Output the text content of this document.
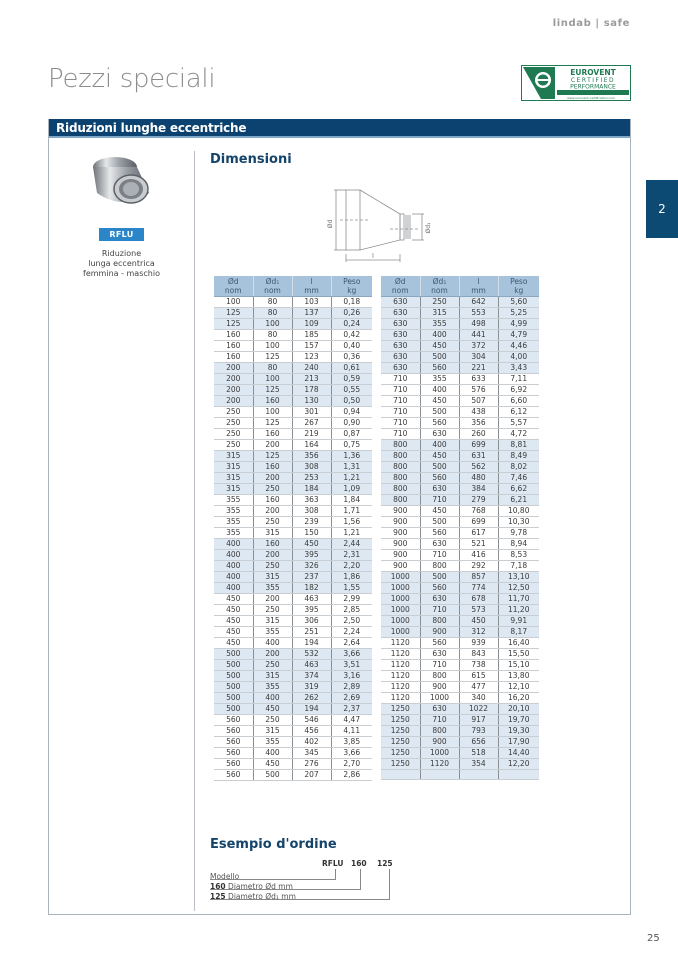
lindab | safe
Pezzi speciali	EUROVENT
CERTIFIED
PERFORMANCE
www.eurovent-certification.com
2
Riduzioni lunghe eccentriche
RFLU
Riduzione
lunga eccentrica
femmina - maschio
Dimensioni
Ød	Ød₁
l
Ød	Ød₁	l	Peso
nom	nom	mm	kg
100	80	103	0,18
125	80	137	0,26
125	100	109	0,24
160	80	185	0,42
160	100	157	0,40
160	125	123	0,36
200	80	240	0,61
200	100	213	0,59
200	125	178	0,55
200	160	130	0,50
250	100	301	0,94
250	125	267	0,90
250	160	219	0,87
250	200	164	0,75
315	125	356	1,36
315	160	308	1,31
315	200	253	1,21
315	250	184	1,09
355	160	363	1,84
355	200	308	1,71
355	250	239	1,56
355	315	150	1,21
400	160	450	2,44
400	200	395	2,31
400	250	326	2,20
400	315	237	1,86
400	355	182	1,55
450	200	463	2,99
450	250	395	2,85
450	315	306	2,50
450	355	251	2,24
450	400	194	2,64
500	200	532	3,66
500	250	463	3,51
500	315	374	3,16
500	355	319	2,89
500	400	262	2,69
500	450	194	2,37
560	250	546	4,47
560	315	456	4,11
560	355	402	3,85
560	400	345	3,66
560	450	276	2,70
560	500	207	2,86
Ød	Ød₁	l	Peso
nom	nom	mm	kg
630	250	642	5,60
630	315	553	5,25
630	355	498	4,99
630	400	441	4,79
630	450	372	4,46
630	500	304	4,00
630	560	221	3,43
710	355	633	7,11
710	400	576	6,92
710	450	507	6,60
710	500	438	6,12
710	560	356	5,57
710	630	260	4,72
800	400	699	8,81
800	450	631	8,49
800	500	562	8,02
800	560	480	7,46
800	630	384	6,62
800	710	279	6,21
900	450	768	10,80
900	500	699	10,30
900	560	617	9,78
900	630	521	8,94
900	710	416	8,53
900	800	292	7,18
1000	500	857	13,10
1000	560	774	12,50
1000	630	678	11,70
1000	710	573	11,20
1000	800	450	9,91
1000	900	312	8,17
1120	560	939	16,40
1120	630	843	15,50
1120	710	738	15,10
1120	800	615	13,80
1120	900	477	12,10
1120	1000	340	16,20
1250	630	1022	20,10
1250	710	917	19,70
1250	800	793	19,30
1250	900	656	17,90
1250	1000	518	14,40
1250	1120	354	12,20

Esempio d'ordine
RFLU 160 125
Modello
160 Diametro Ød mm
125 Diametro Ød₁ mm
25
